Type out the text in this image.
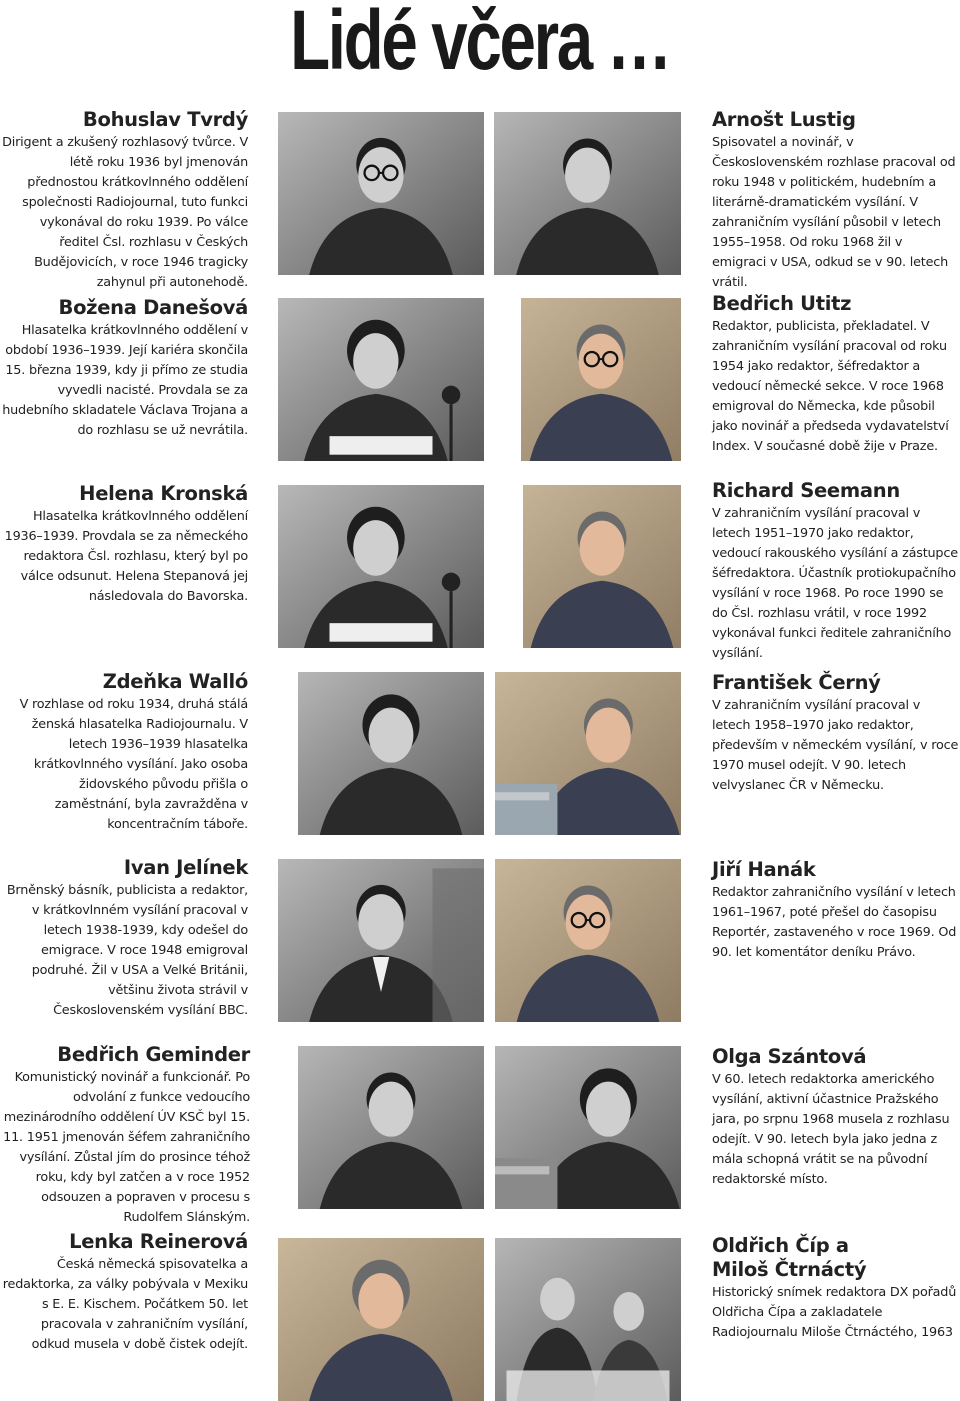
Lidé včera …
Bohuslav Tvrdý
Dirigent a zkušený rozhlasový tvůrce. V létě roku 1936 byl jmenován přednostou krátkovlnného oddělení společnosti Radiojournal, tuto funkci vykonával do roku 1939. Po válce ředitel Čsl. rozhlasu v Českých Budějovicích, v roce 1946 tragicky zahynul při autonehodě.
Božena Danešová
Hlasatelka krátkovlnného oddělení v období 1936–1939. Její kariéra skončila 15. března 1939, kdy ji přímo ze studia vyvedli nacisté. Provdala se za hudebního skladatele Václava Trojana a do rozhlasu se už nevrátila.
Helena Kronská
Hlasatelka krátkovlnného oddělení 1936–1939. Provdala se za německého redaktora Čsl. rozhlasu, který byl po válce odsunut. Helena Stepanová jej následovala do Bavorska.
Zdeňka Walló
V rozhlase od roku 1934, druhá stálá ženská hlasatelka Radiojournalu. V letech 1936–1939 hlasatelka krátkovlnného vysílání. Jako osoba židovského původu přišla o zaměstnání, byla zavražděna v koncentračním táboře.
Ivan Jelínek
Brněnský básník, publicista a redaktor, v krátkovlnném vysílání pracoval v letech 1938-1939, kdy odešel do emigrace. V roce 1948 emigroval podruhé. Žil v USA a Velké Británii, většinu života strávil v Československém vysílání BBC.
Bedřich Geminder
Komunistický novinář a funkcionář. Po odvolání z funkce vedoucího mezinárodního oddělení ÚV KSČ byl 15. 11. 1951 jmenován šéfem zahraničního vysílání. Zůstal jím do prosince téhož roku, kdy byl zatčen a v roce 1952 odsouzen a popraven v procesu s Rudolfem Slánským.
Lenka Reinerová
Česká německá spisovatelka a redaktorka, za války pobývala v Mexiku s E. E. Kischem. Počátkem 50. let pracovala v zahraničním vysílání, odkud musela v době čistek odejít.
Arnošt Lustig
Spisovatel a novinář, v Československém rozhlase pracoval od roku 1948 v politickém, hudebním a literárně-dramatickém vysílání. V zahraničním vysílání působil v letech 1955–1958. Od roku 1968 žil v emigraci v USA, odkud se v 90. letech vrátil.
Bedřich Utitz
Redaktor, publicista, překladatel. V zahraničním vysílání pracoval od roku 1954 jako redaktor, šéfredaktor a vedoucí německé sekce. V roce 1968 emigroval do Německa, kde působil jako novinář a předseda vydavatelství Index. V současné době žije v Praze.
Richard Seemann
V zahraničním vysílání pracoval v letech 1951–1970 jako redaktor, vedoucí rakouského vysílání a zástupce šéfredaktora. Účastník protiokupačního vysílání v roce 1968. Po roce 1990 se do Čsl. rozhlasu vrátil, v roce 1992 vykonával funkci ředitele zahraničního vysílání.
František Černý
V zahraničním vysílání pracoval v letech 1958–1970 jako redaktor, především v německém vysílání, v roce 1970 musel odejít. V 90. letech velvyslanec ČR v Německu.
Jiří Hanák
Redaktor zahraničního vysílání v letech 1961–1967, poté přešel do časopisu Reportér, zastaveného v roce 1969. Od 90. let komentátor deníku Právo.
Olga Szántová
V 60. letech redaktorka amerického vysílání, aktivní účastnice Pražského jara, po srpnu 1968 musela z rozhlasu odejít. V 90. letech byla jako jedna z mála schopná vrátit se na původní redaktorské místo.
Oldřich Číp a Miloš Čtrnáctý
Historický snímek redaktora DX pořadů Oldřicha Čípa a zakladatele Radiojournalu Miloše Čtrnáctého, 1963
